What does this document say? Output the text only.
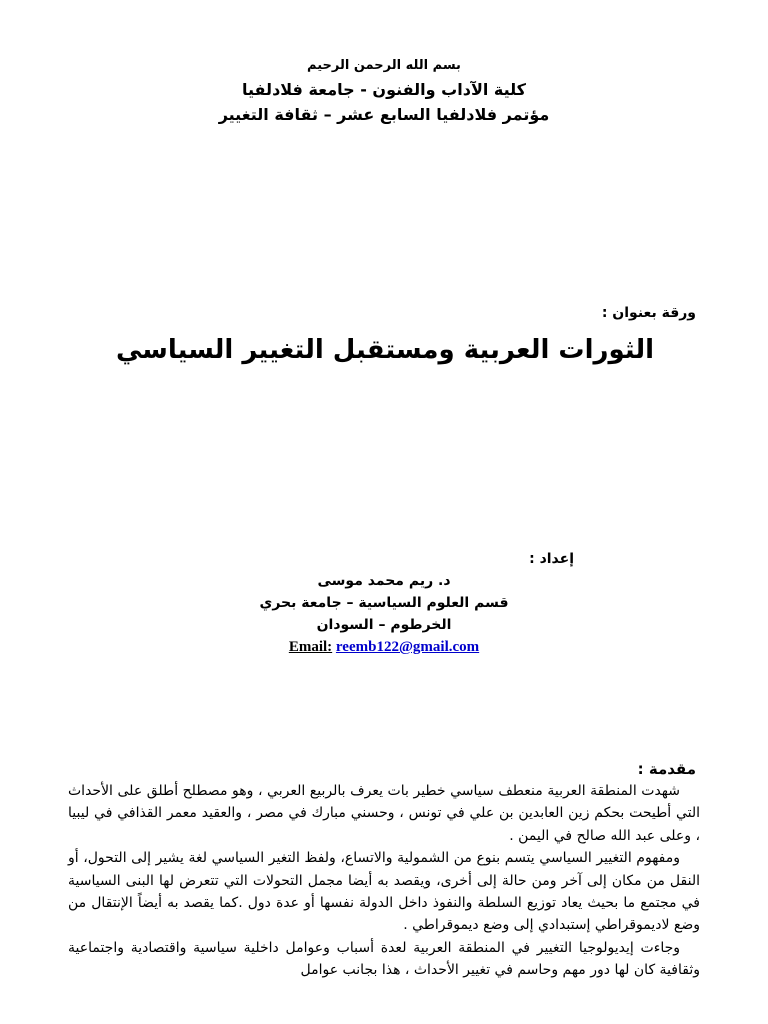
بسم الله الرحمن الرحيم
كلية الآداب والفنون - جامعة فلادلفيا
مؤتمر فلادلفيا السابع عشر – ثقافة التغيير
ورقة بعنوان :
الثورات العربية ومستقبل التغيير السياسي
إعداد :
د. ريم محمد موسى
قسم العلوم السياسية – جامعة بحري
الخرطوم – السودان
Email: reemb122@gmail.com
مقدمة :

شهدت المنطقة العربية منعطف سياسي خطير بات يعرف بالربيع العربي ، وهو مصطلح أطلق على الأحداث التي أطيحت بحكم زين العابدين بن علي في تونس ، وحسني مبارك في مصر ، والعقيد معمر القذافي في ليبيا ، وعلى عبد الله صالح في اليمن .

ومفهوم التغيير السياسي يتسم بنوع من الشمولية والاتساع، ولفظ التغير السياسي لغة يشير إلى التحول، أو النقل من مكان إلى آخر ومن حالة إلى أخرى، ويقصد به أيضا مجمل التحولات التي تتعرض لها البنى السياسية في مجتمع ما بحيث يعاد توزيع السلطة والنفوذ داخل الدولة نفسها أو عدة دول .كما يقصد به أيضاً الإنتقال من وضع لاديموقراطي إستبدادي إلى وضع ديموقراطي .

وجاءت إيديولوجيا التغيير في المنطقة العربية لعدة أسباب وعوامل داخلية سياسية واقتصادية واجتماعية وثقافية كان لها دور مهم وحاسم في تغيير الأحداث ، هذا بجانب عوامل
